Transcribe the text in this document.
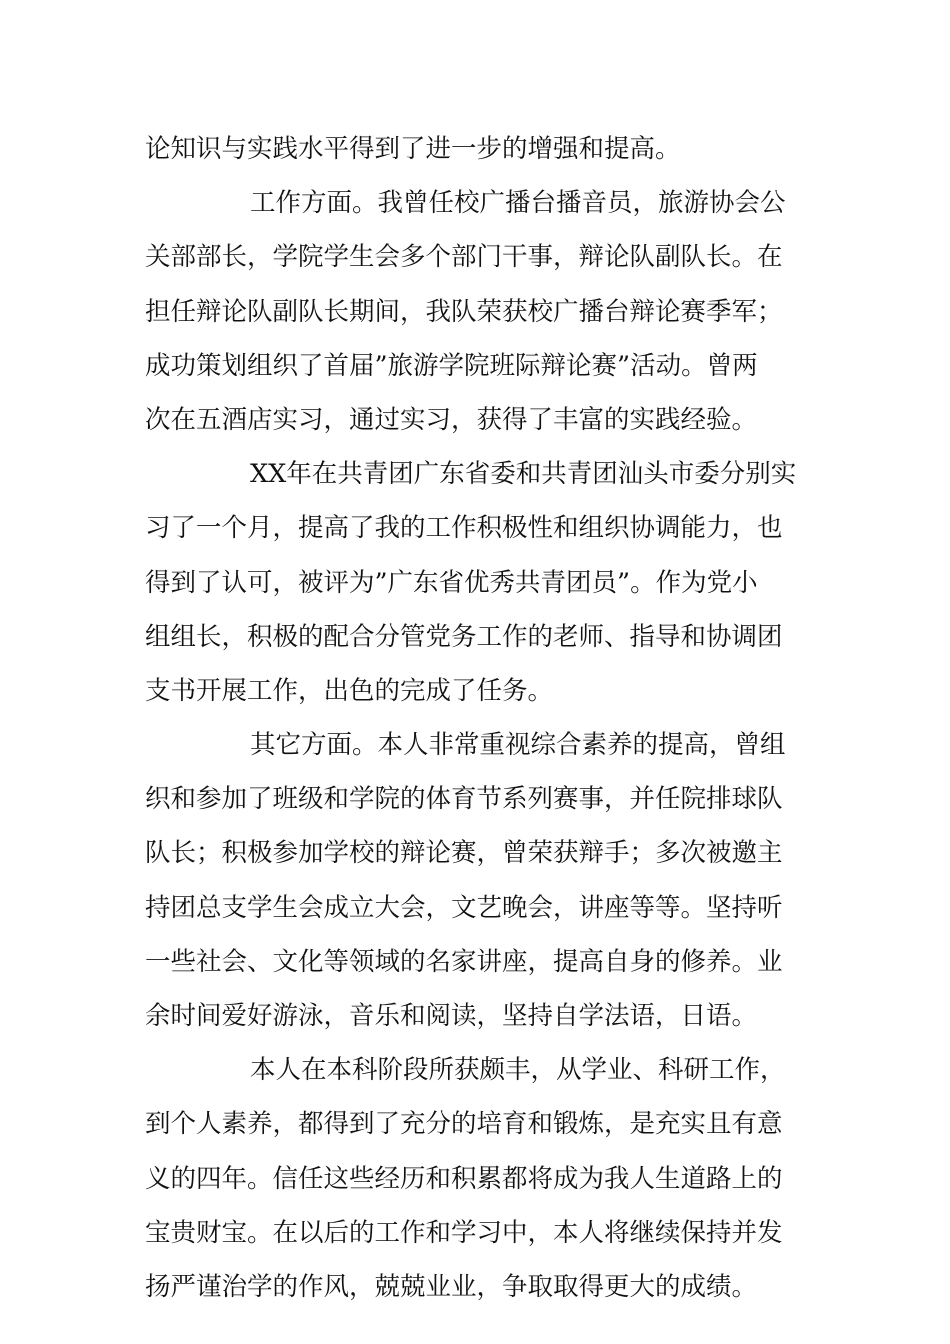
论知识与实践水平得到了进一步的增强和提高。
工作方面。我曾任校广播台播音员，旅游协会公
关部部长，学院学生会多个部门干事，辩论队副队长。在
担任辩论队副队长期间，我队荣获校广播台辩论赛季军；
成功策划组织了首届”旅游学院班际辩论赛”活动。曾两
次在五酒店实习，通过实习，获得了丰富的实践经验。
XX年在共青团广东省委和共青团汕头市委分别实
习了一个月，提高了我的工作积极性和组织协调能力，也
得到了认可，被评为”广东省优秀共青团员”。作为党小
组组长，积极的配合分管党务工作的老师、指导和协调团
支书开展工作，出色的完成了任务。
其它方面。本人非常重视综合素养的提高，曾组
织和参加了班级和学院的体育节系列赛事，并任院排球队
队长；积极参加学校的辩论赛，曾荣获辩手；多次被邀主
持团总支学生会成立大会，文艺晚会，讲座等等。坚持听
一些社会、文化等领域的名家讲座，提高自身的修养。业
余时间爱好游泳，音乐和阅读，坚持自学法语，日语。
本人在本科阶段所获颇丰，从学业、科研工作，
到个人素养，都得到了充分的培育和锻炼，是充实且有意
义的四年。信任这些经历和积累都将成为我人生道路上的
宝贵财宝。在以后的工作和学习中，本人将继续保持并发
扬严谨治学的作风，兢兢业业，争取取得更大的成绩。
